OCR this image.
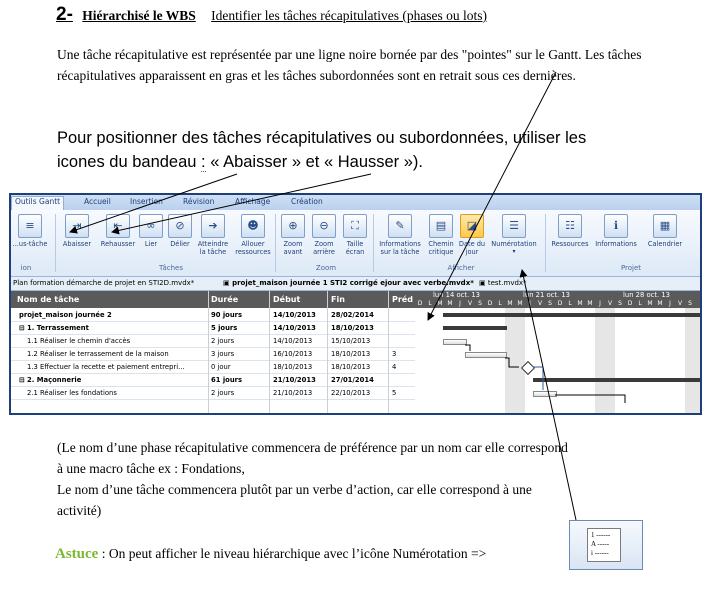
2- Hiérarchisé le WBS Identifier les tâches récapitulatives (phases ou lots)
Une tâche récapitulative est représentée par une ligne noire bornée par des "pointes" sur le Gantt. Les tâches récapitulatives apparaissent en gras et les tâches subordonnées sont en retrait sous ces dernières.
Pour positionner des tâches récapitulatives ou subordonnées, utiliser les
icones du bandeau : « Abaisser » et « Hausser »).
Outils Gantt	Accueil	Insertion	Révision	Affichage	Création
≡
...us-tâche
⇥
Abaisser
⇤
Rehausser
∞
Lier
⊘
Délier
➔
Atteindre la tâche
☻
Allouer ressources
⊕
Zoom avant
⊖
Zoom arrière
⛶
Taille écran
✎
Informations sur la tâche
▤
Chemin critique
◪
Date du jour
☰
Numérotation
▾
☷
Ressources
ℹ
Informations
▦
Calendrier
ion	Tâches	Zoom	Afficher	Projet
Plan formation démarche de projet en STI2D.mvdx*	▣ projet_maison journée 1 STI2 corrigé ejour avec verbe.mvdx* ▣ test.mvdx*
Nom de tâche	Durée	Début	Fin	Préd
projet_maison journée 2	90 jours	14/10/2013 28/02/2014
⊟ 1. Terrassement	5 jours	14/10/2013 18/10/2013
1.1 Réaliser le chemin d'accès	2 jours	14/10/2013	15/10/2013
1.2 Réaliser le terrassement de la maison	3 jours	16/10/2013	18/10/2013	3
1.3 Effectuer la recette et paiement entrepri...	0 jour	18/10/2013	18/10/2013	4
⊟ 2. Maçonnerie	61 jours	21/10/2013 27/01/2014
2.1 Réaliser les fondations	2 jours	21/10/2013	22/10/2013	5
lun 14 oct. 13	lun 21 oct. 13	lun 28 oct. 13
D	L M M	J	V	S D	L M M	J	V	S D	L M M	J	V	S D	L M M	J	V	S
(Le nom d’une phase récapitulative commencera de préférence par un nom car elle correspond
à une macro tâche ex : Fondations,
Le nom d’une tâche commencera plutôt par un verbe d’action, car elle correspond à une
activité)
Astuce : On peut afficher le niveau hiérarchique avec l’icône Numérotation =>
1 ------
A -----
i ------
